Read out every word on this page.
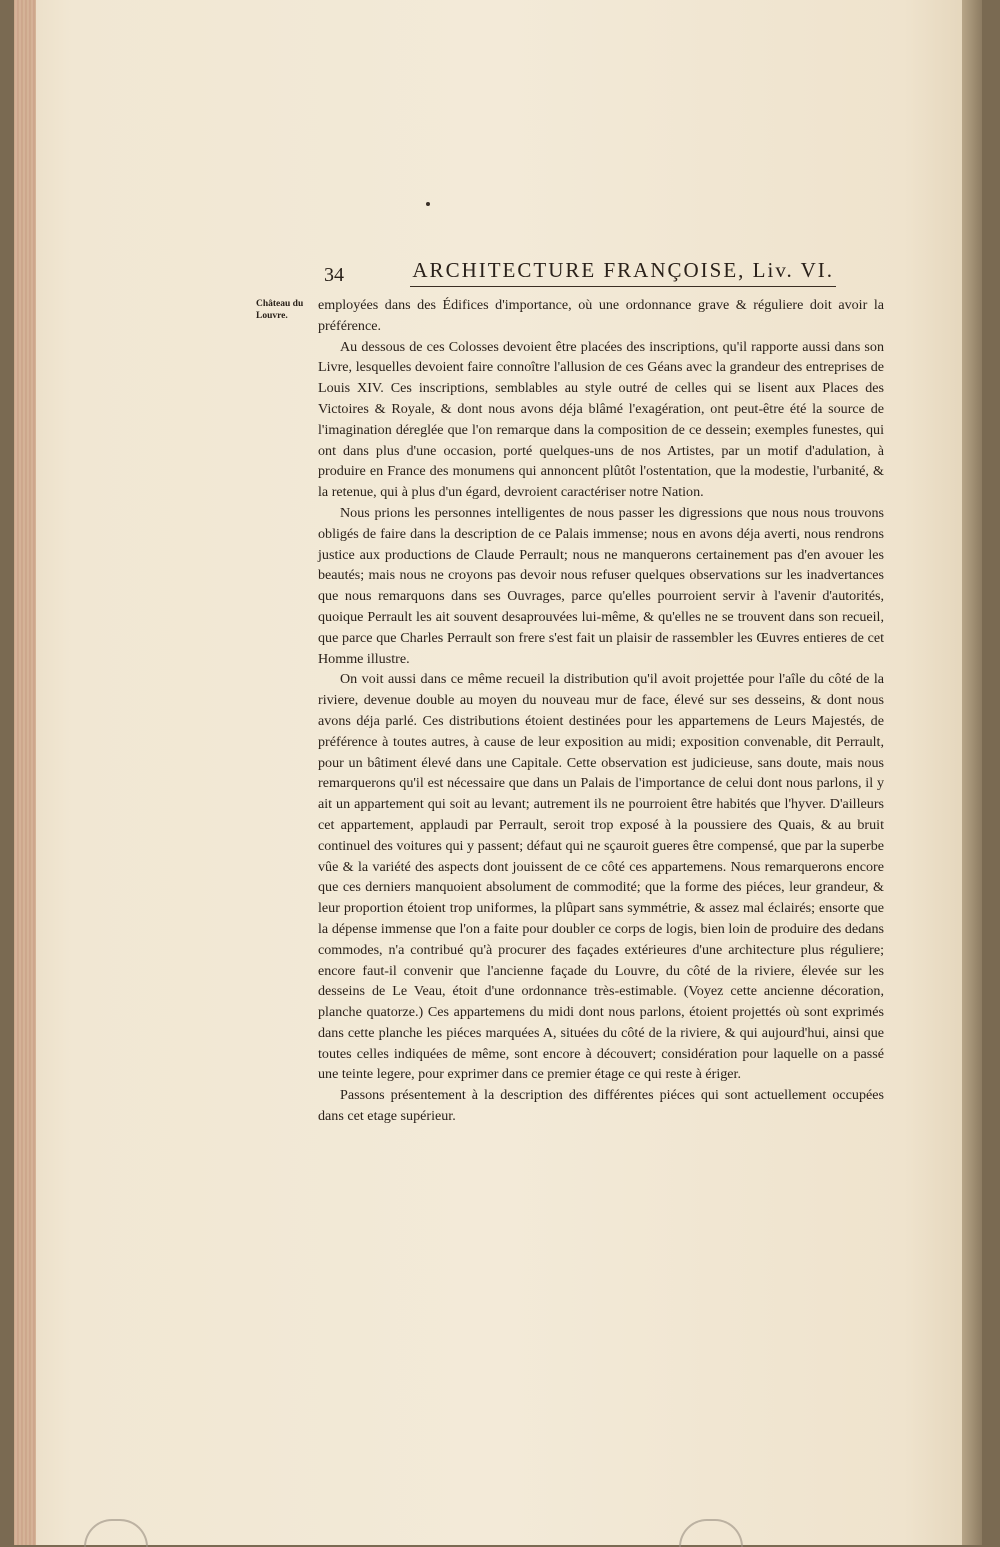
34	ARCHITECTURE FRANÇOISE, Liv. VI.
Château du
Louvre.

employées dans des Édifices d'importance, où une ordonnance grave & réguliere doit avoir la préférence.

Au dessous de ces Colosses devoient être placées des inscriptions, qu'il rapporte aussi dans son Livre, lesquelles devoient faire connoître l'allusion de ces Géans avec la grandeur des entreprises de Louis XIV. Ces inscriptions, semblables au style outré de celles qui se lisent aux Places des Victoires & Royale, & dont nous avons déja blâmé l'exagération, ont peut-être été la source de l'imagination déreglée que l'on remarque dans la composition de ce dessein; exemples funestes, qui ont dans plus d'une occasion, porté quelques-uns de nos Artistes, par un motif d'adulation, à produire en France des monumens qui annoncent plûtôt l'ostentation, que la modestie, l'urbanité, & la retenue, qui à plus d'un égard, devroient caractériser notre Nation.

Nous prions les personnes intelligentes de nous passer les digressions que nous nous trouvons obligés de faire dans la description de ce Palais immense; nous en avons déja averti, nous rendrons justice aux productions de Claude Perrault; nous ne manquerons certainement pas d'en avouer les beautés; mais nous ne croyons pas devoir nous refuser quelques observations sur les inadvertances que nous remarquons dans ses Ouvrages, parce qu'elles pourroient servir à l'avenir d'autorités, quoique Perrault les ait souvent desaprouvées lui-même, & qu'elles ne se trouvent dans son recueil, que parce que Charles Perrault son frere s'est fait un plaisir de rassembler les Œuvres entieres de cet Homme illustre.

On voit aussi dans ce même recueil la distribution qu'il avoit projettée pour l'aîle du côté de la riviere, devenue double au moyen du nouveau mur de face, élevé sur ses desseins, & dont nous avons déja parlé. Ces distributions étoient destinées pour les appartemens de Leurs Majestés, de préférence à toutes autres, à cause de leur exposition au midi; exposition convenable, dit Perrault, pour un bâtiment élevé dans une Capitale. Cette observation est judicieuse, sans doute, mais nous remarquerons qu'il est nécessaire que dans un Palais de l'importance de celui dont nous parlons, il y ait un appartement qui soit au levant; autrement ils ne pourroient être habités que l'hyver. D'ailleurs cet appartement, applaudi par Perrault, seroit trop exposé à la poussiere des Quais, & au bruit continuel des voitures qui y passent; défaut qui ne sçauroit gueres être compensé, que par la superbe vûe & la variété des aspects dont jouissent de ce côté ces appartemens. Nous remarquerons encore que ces derniers manquoient absolument de commodité; que la forme des piéces, leur grandeur, & leur proportion étoient trop uniformes, la plûpart sans symmétrie, & assez mal éclairés; ensorte que la dépense immense que l'on a faite pour doubler ce corps de logis, bien loin de produire des dedans commodes, n'a contribué qu'à procurer des façades extérieures d'une architecture plus réguliere; encore faut-il convenir que l'ancienne façade du Louvre, du côté de la riviere, élevée sur les desseins de Le Veau, étoit d'une ordonnance très-estimable. (Voyez cette ancienne décoration, planche quatorze.) Ces appartemens du midi dont nous parlons, étoient projettés où sont exprimés dans cette planche les piéces marquées A, situées du côté de la riviere, & qui aujourd'hui, ainsi que toutes celles indiquées de même, sont encore à découvert; considération pour laquelle on a passé une teinte legere, pour exprimer dans ce premier étage ce qui reste à ériger.

Passons présentement à la description des différentes piéces qui sont actuellement occupées dans cet etage supérieur.
